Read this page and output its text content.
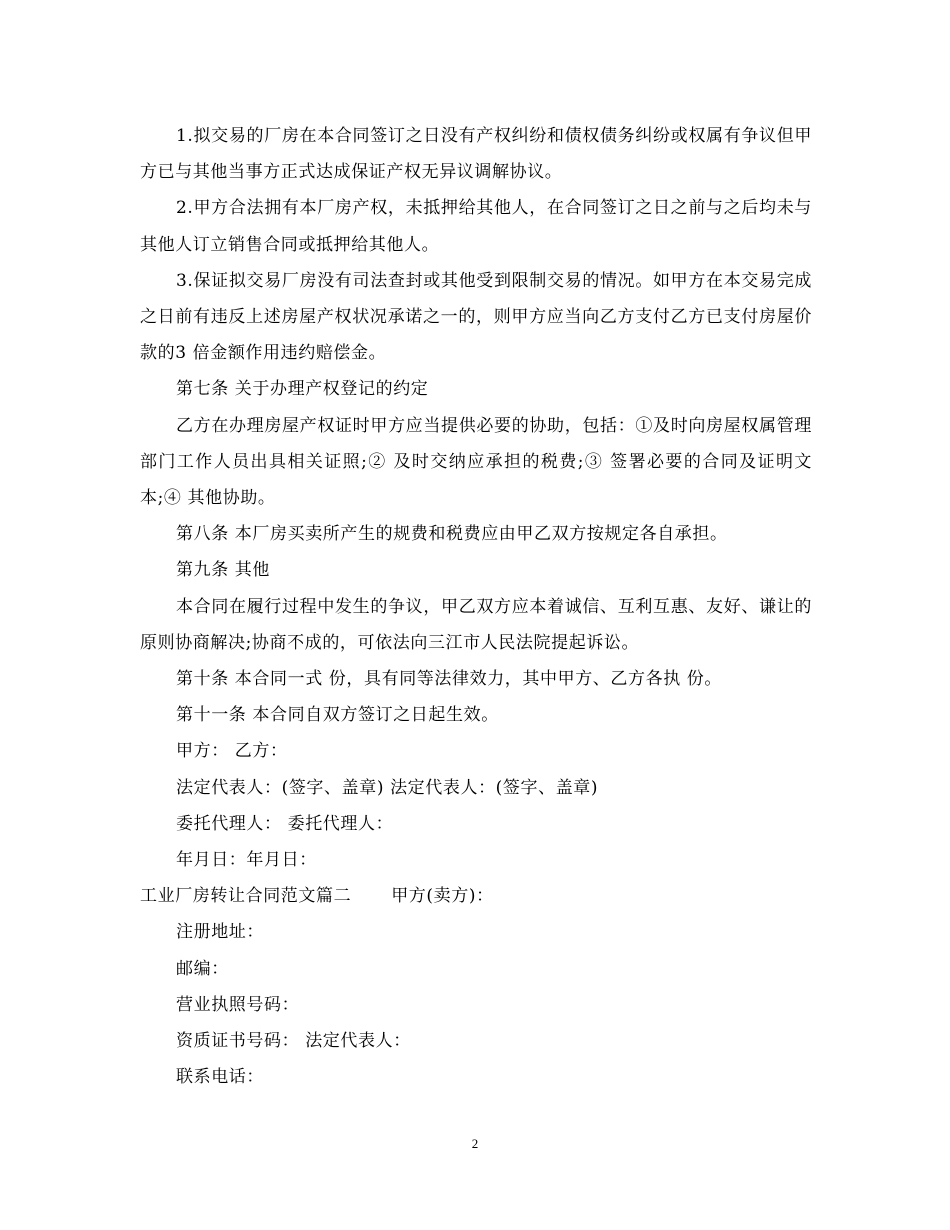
1.拟交易的厂房在本合同签订之日没有产权纠纷和债权债务纠纷或权属有争议但甲方已与其他当事方正式达成保证产权无异议调解协议。

2.甲方合法拥有本厂房产权，未抵押给其他人，在合同签订之日之前与之后均未与其他人订立销售合同或抵押给其他人。

3.保证拟交易厂房没有司法查封或其他受到限制交易的情况。如甲方在本交易完成之日前有违反上述房屋产权状况承诺之一的，则甲方应当向乙方支付乙方已支付房屋价款的3 倍金额作用违约赔偿金。

第七条 关于办理产权登记的约定

乙方在办理房屋产权证时甲方应当提供必要的协助，包括：①及时向房屋权属管理部门工作人员出具相关证照;② 及时交纳应承担的税费;③ 签署必要的合同及证明文本;④ 其他协助。

第八条 本厂房买卖所产生的规费和税费应由甲乙双方按规定各自承担。

第九条 其他

本合同在履行过程中发生的争议，甲乙双方应本着诚信、互利互惠、友好、谦让的原则协商解决;协商不成的，可依法向三江市人民法院提起诉讼。

第十条 本合同一式 份，具有同等法律效力，其中甲方、乙方各执 份。

第十一条 本合同自双方签订之日起生效。

甲方： 乙方：

法定代表人：(签字、盖章) 法定代表人：(签字、盖章)

委托代理人： 委托代理人：

年月日：年月日：

工业厂房转让合同范文篇二 甲方(卖方)：

注册地址：

邮编：

营业执照号码：

资质证书号码： 法定代表人：

联系电话：

2
